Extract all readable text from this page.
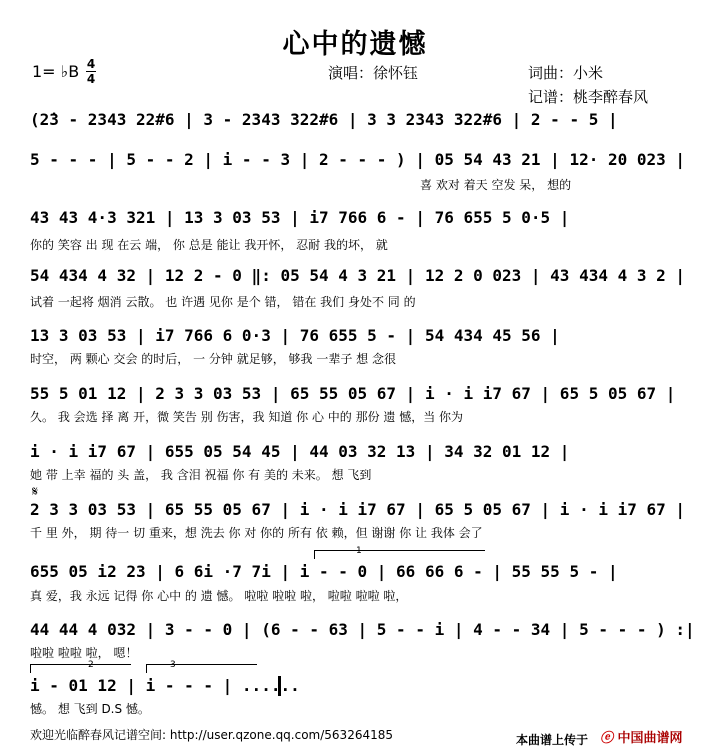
心中的遗憾
1= ♭B 4
4	演唱：徐怀钰	词曲：小米
记谱：桃李醉春风
(2̇3 - 2343 22#6 | 3 - 2343 322#6 | 3 3 2343 322#6 | 2 - - 5 |
5 - - - | 5 - - 2 | i - - 3 | 2 - - - ) | 05 54 43 21 | 12· 20 023 |
喜 欢对 着天 空发 呆， 想的
43 43 4·3 321 | 13 3 03 53 | i7 766 6 - | 76 655 5 0·5 |
你的 笑容 出 现 在云 端， 你 总是 能让 我开怀， 忍耐 我的坏， 就
54 434 4 32 | 12 2 - 0 ‖: 05 54 4 3 21 | 12 2 0 023 | 43 434 4 3 2 |
试着 一起将 烟消 云散。 也 许遇 见你 是个 错， 错在 我们 身处不 同 的
13 3 03 53 | i7 766 6 0·3 | 76 655 5 - | 54 434 45 56 |
时空， 两 颗心 交会 的时后， 一 分钟 就足够， 够我 一辈子 想 念很
55 5 01 12 | 2 3 3 03 53 | 65 55 05 67 | i · i i7 67 | 65 5 05 67 |
久。 我 会选 择 离 开，微 笑告 别 伤害，我 知道 你 心 中的 那份 遗 憾，当 你为
i · i i7 67 | 655 05 54 45 | 44 03 32 13 | 34 32 01 12 |
她 带 上幸 福的 头 盖， 我 含泪 祝福 你 有 美的 未来。 想 飞到
𝄋
2 3 3 03 53 | 65 55 05 67 | i · i i7 67 | 65 5 05 67 | i · i i7 67 |
千 里 外， 期 待一 切 重来，想 洗去 你 对 你的 所有 依 赖，但 谢谢 你 让 我体 会了
1
655 05 i2 23 | 6 6i ·7 7i | i - - 0 | 66 66 6 - | 55 55 5 - |
真 爱，我 永远 记得 你 心中 的 遗 憾。 啦啦 啦啦 啦， 啦啦 啦啦 啦，
44 44 4 032 | 3 - - 0 | (6 - - 63 | 5 - - i | 4 - - 34 | 5 - - - ) :|
啦啦 啦啦 啦， 嗯！
2	3
i - 01 12 | i - - - | ......
憾。 想 飞到 D.S 憾。
欢迎光临醉春风记谱空间: http://user.qzone.qq.com/563264185	本曲谱上传于 ⓔ 中国曲谱网
